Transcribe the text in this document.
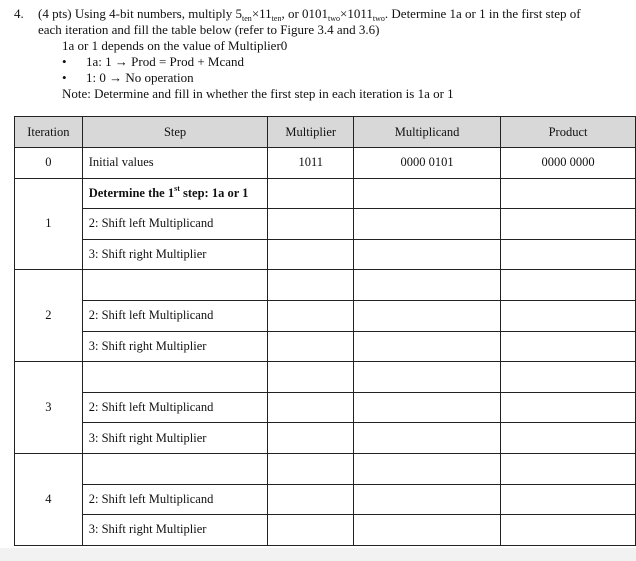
4. (4 pts) Using 4-bit numbers, multiply $5_{ten}\times 11_{ten}$, or $0101_{two}\times 1011_{two}$. Determine 1a or 1 in the first step of
each iteration and fill the table below (refer to Figure 3.4 and 3.6)
1a or 1 depends on the value of Multiplier0
• 1a: 1 → Prod = Prod + Mcand
• 1: 0 → No operation
Note: Determine and fill in whether the first step in each iteration is 1a or 1
Iteration	Step	Multiplier	Multiplicand	Product
0	Initial values	1011	0000 0101	0000 0000
1	Determine the 1st step: 1a or 1			
	2: Shift left Multiplicand			
	3: Shift right Multiplier			
2				
	2: Shift left Multiplicand			
	3: Shift right Multiplier			
3				
	2: Shift left Multiplicand			
	3: Shift right Multiplier			
4				
	2: Shift left Multiplicand			
	3: Shift right Multiplier			
